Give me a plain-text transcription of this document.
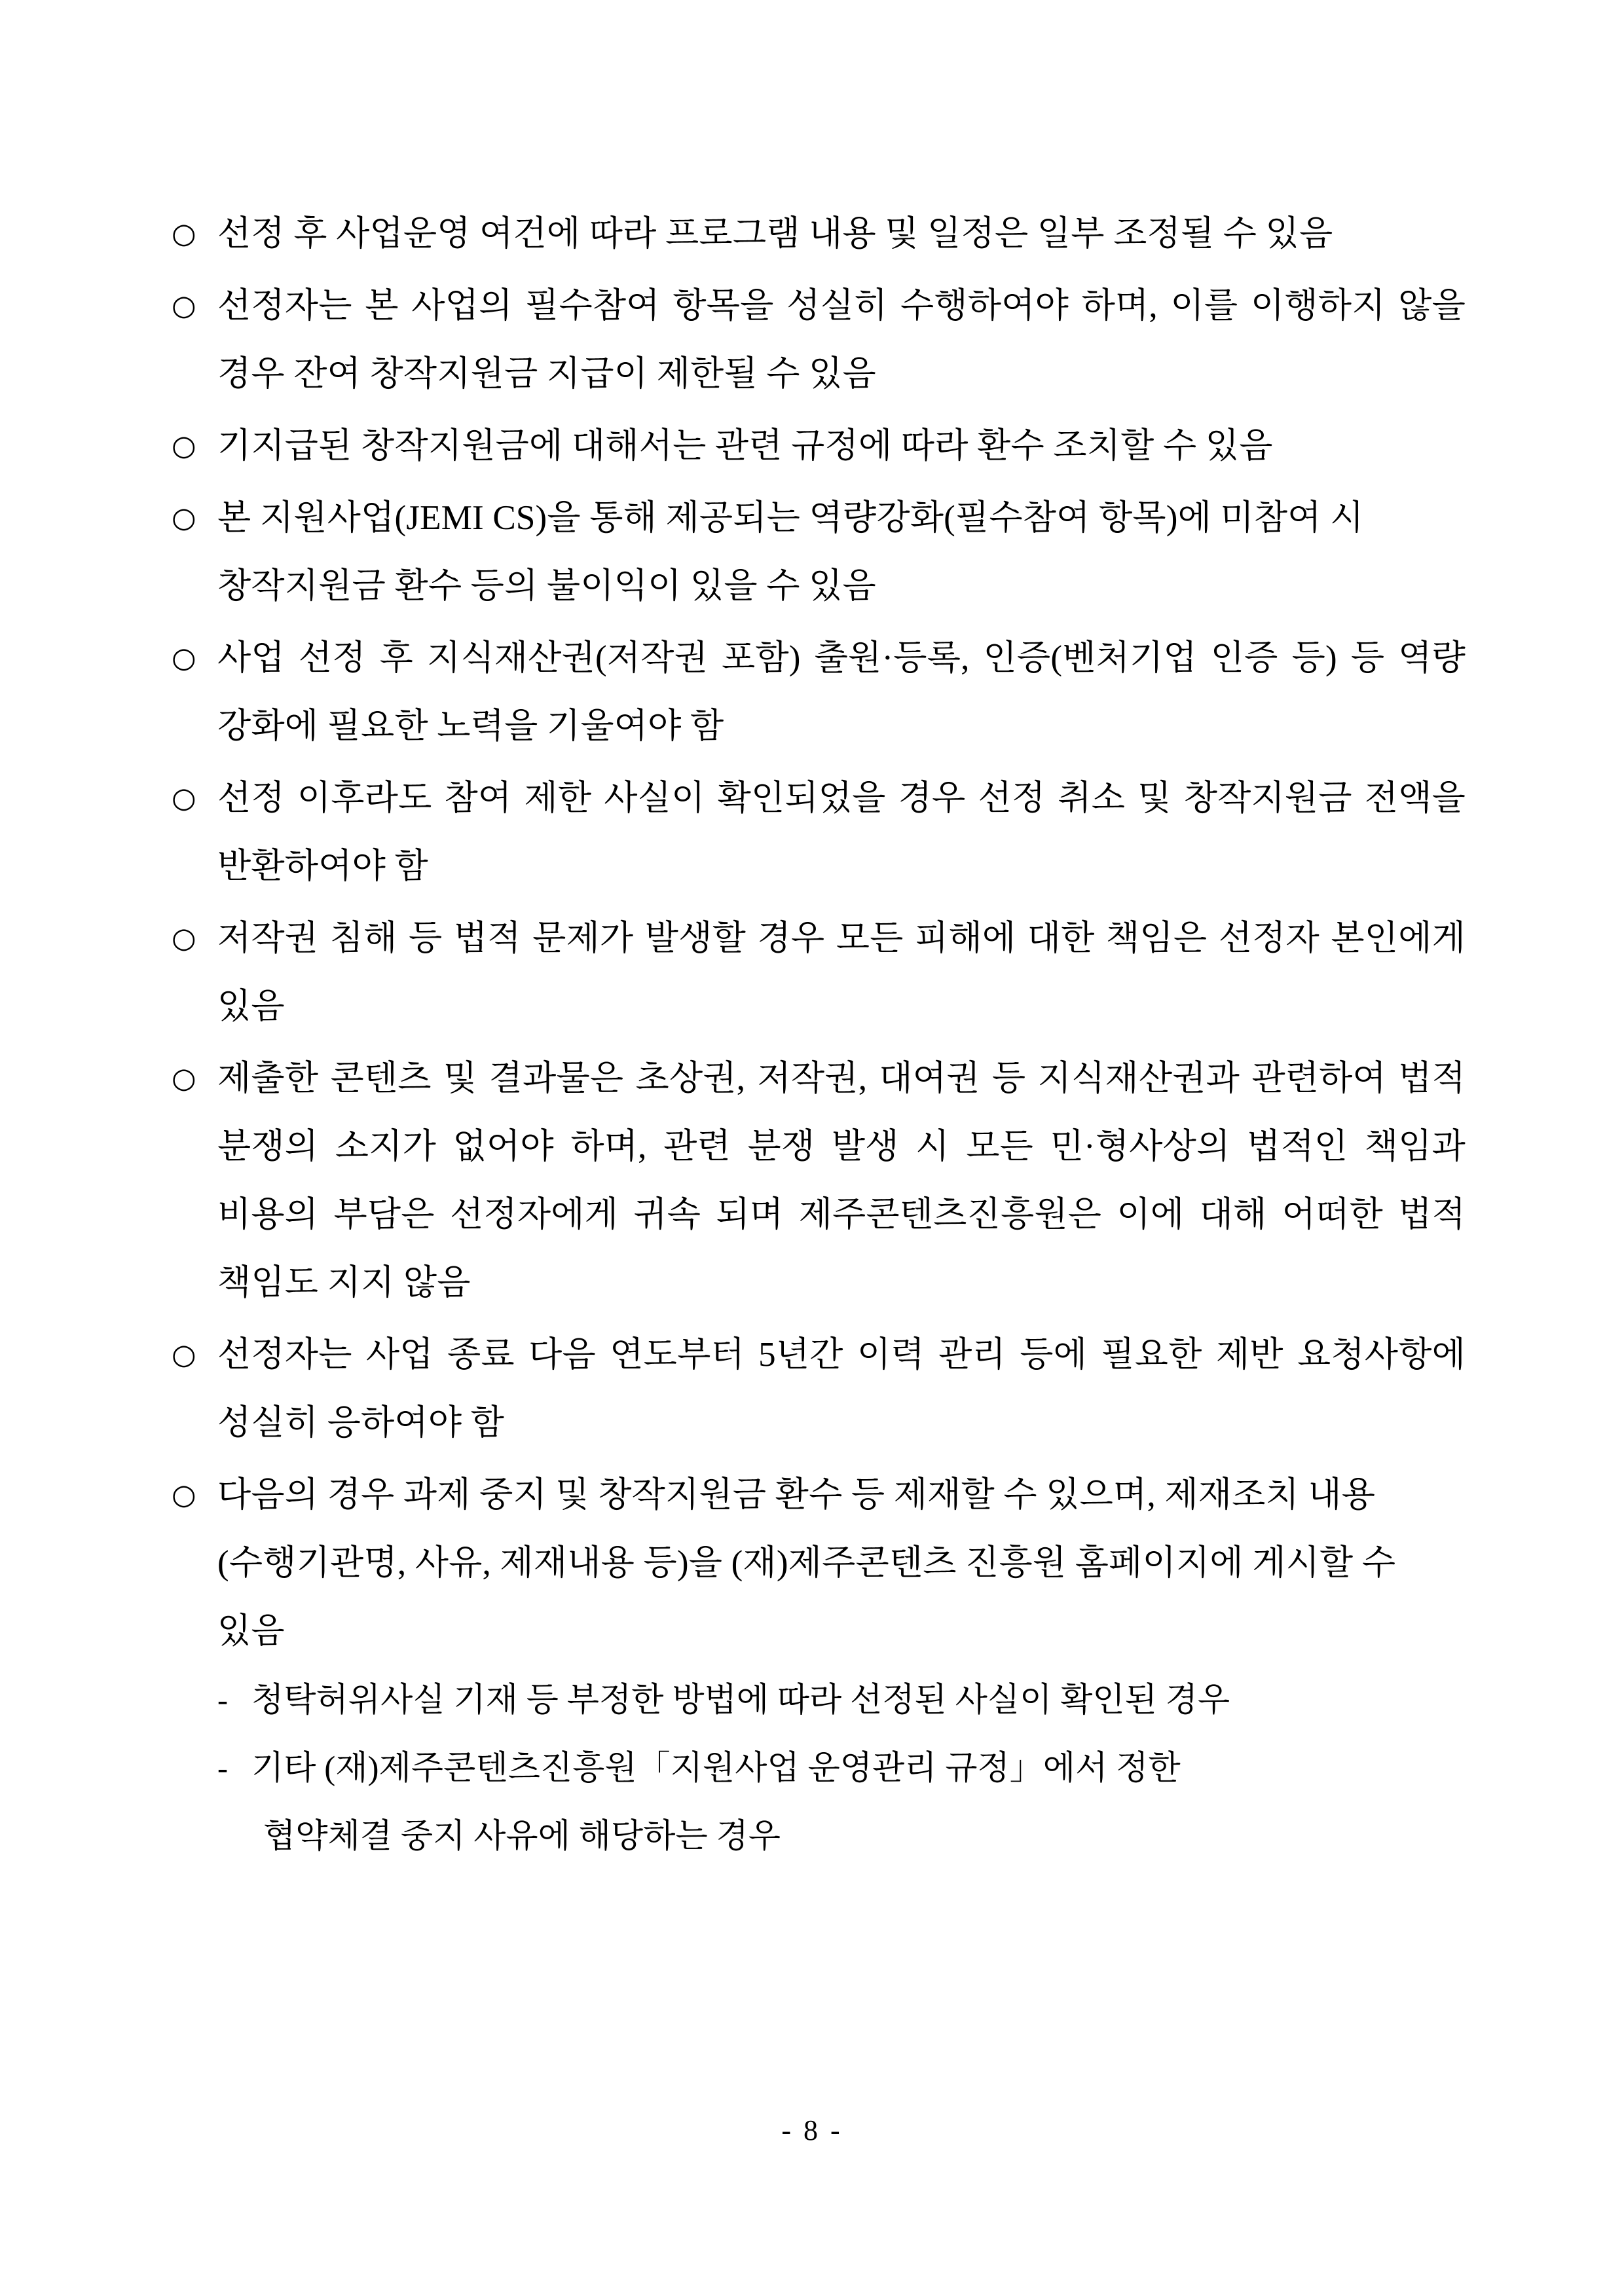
○ 선정 후 사업운영 여건에 따라 프로그램 내용 및 일정은 일부 조정될 수 있음
○ 선정자는 본 사업의 필수참여 항목을 성실히 수행하여야 하며, 이를 이행하지 않을 경우 잔여 창작지원금 지급이 제한될 수 있음
○ 기지급된 창작지원금에 대해서는 관련 규정에 따라 환수 조치할 수 있음
○ 본 지원사업(JEMI CS)을 통해 제공되는 역량강화(필수참여 항목)에 미참여 시 창작지원금 환수 등의 불이익이 있을 수 있음
○ 사업 선정 후 지식재산권(저작권 포함) 출원·등록, 인증(벤처기업 인증 등) 등 역량 강화에 필요한 노력을 기울여야 함
○ 선정 이후라도 참여 제한 사실이 확인되었을 경우 선정 취소 및 창작지원금 전액을 반환하여야 함
○ 저작권 침해 등 법적 문제가 발생할 경우 모든 피해에 대한 책임은 선정자 본인에게 있음
○ 제출한 콘텐츠 및 결과물은 초상권, 저작권, 대여권 등 지식재산권과 관련하여 법적 분쟁의 소지가 없어야 하며, 관련 분쟁 발생 시 모든 민·형사상의 법적인 책임과 비용의 부담은 선정자에게 귀속 되며 제주콘텐츠진흥원은 이에 대해 어떠한 법적 책임도 지지 않음
○ 선정자는 사업 종료 다음 연도부터 5년간 이력 관리 등에 필요한 제반 요청사항에 성실히 응하여야 함
○ 다음의 경우 과제 중지 및 창작지원금 환수 등 제재할 수 있으며, 제재조치 내용(수행기관명, 사유, 제재내용 등)을 (재)제주콘텐츠 진흥원 홈페이지에 게시할 수 있음
- 청탁허위사실 기재 등 부정한 방법에 따라 선정된 사실이 확인된 경우
- 기타 (재)제주콘텐츠진흥원「지원사업 운영관리 규정」에서 정한
협약체결 중지 사유에 해당하는 경우
- 8 -
